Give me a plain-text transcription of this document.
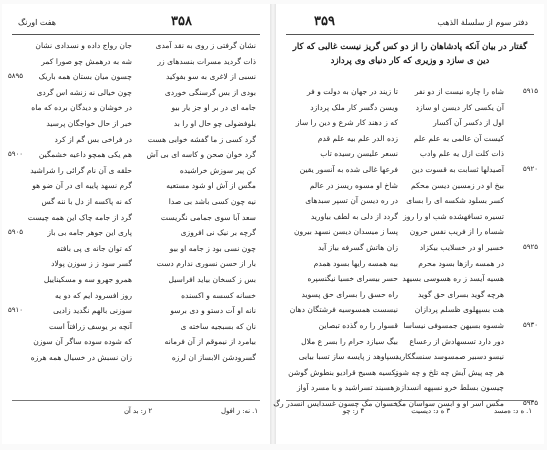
۳۵۸
هفت اورنگ
نشان گرفتی ز روی به نقد آمدی
جان رواج داده و نسدادی نشان
ذات گردید مسرات بنسدهای زر
شه به درهمش چو صورا کمر
نسبی از لاغری به سو بفوکید
چسون میان بستان همه باریک
۵۸۹۵
بودی از بس گرسنگی خوردی
چون خیالی نه زنشه اس گردی
جامه ای در بر او جز یار بیو
در خوشان و دیدگان برده که ماه
بلوفضولی چو حال او را بد
خبر از حال خواجگان پرسید
گرد کسی ز ما گفشه خوابی هست
در فراخی بس گم از کرد
گرد خوان صحن و کاسه ای بی آش
هم یکی همچو داعیه خشمگین
۵۹۰۰
کن پیر سوزش خراشیده
حلقه ی آن نام گرائی را شراشید
مگس از آش او شود مستعیه
گرم نسهد پاییه ای در آن ضو هو
نیه چون کسی باشد بی صدا
که نه پاکسه از دل با ننه گس
سعد آبا سوی جمامی نگریست
گرد از جامه چاک این همه چیست
گرچه بر نیک نی افروزی
پاری این جوهر جامه بی باز
۵۹۰۵
چون نسی بود ز جامه او بیو
که توان جانه ی پی بافته
بار از حسن نسوری ندارم دست
گسر سود ز ز سوزن پولاد
بس ز کسخان بیاید افراسیل
همرو جهرو سه و مسکیناییل
خسانه کسسه و اکسنده
روز افسرود ایم که دو یه
نانه او آت دستو و دی برسو
سوزنی بالهم نگدید زادیی
۵۹۱۰
نان که بسبجیه ساخته ی
آنچه بر یوسف زرافتاً است
بیامرد از نیموقم از آن فرمانه
که شوده سوده ساگر آن سوزن
گسرودشن الابساز ان لرزه
زان نسبش در خسیال همه هرزه
۱. نه: ز افول
۲ ز: بد آن
۳۵۹	دفتر سوم از سلسلة الذهب
گفتار در بیان آنکه پادشاهان را از دو کس گریز نیست غالبی که کار
دین ی سازد و وزیری که کار دنیای وی پردازد
شاه را چاره نیست از دو نفر
تا زیند در جهان به دولت و فر	۵۹۱۵
آن یکسی کار دیسن او سازد
ویسن دگسر کار ملک پردازد
اول از دکسر آن آکسار
که ز دهند کار شرع و دین را ساز
کیست آن عالمی به علم علم
زده الدر علم بیه علم قدم
ذات کلت ازل یه علم وادب
نسعر علیسن رسیده تاب
آصیدلها ثسابت به قسوت دین
فرعها غالی شده به آنسور یقین	۵۹۲۰
بیخ او در زمسین دیسن محکم
شاخ او مسوه ریسز در عالم
کسر بسلود شکسه ای را بسای
در ره دیسن آن تسپر سبدهای
تسیره تسافهشده شب او را روز
گردد از دلی به لطف بیاورید
شساه را از فریب نفس حرون
پسا ز میسدان دیسن نسهد بیرون
خسیر او در خسلایب بیکزاد
زان هاتش گسرفه بیاز آید	۵۹۲۵
در همسه رازها بسود محرم
بیه همسه رایها بسود همدم
هسیه آیسد ز ره هسوسی بسیهد
حسر بیسرای خسیا نیگنسپره
هرچه گوید بسرای حق گوید
راه حسق را بسرای حق پسوید
هت بسپهلوی ظسلم پردازان
نیسست همسوسیه فرشتگان دهان
شسوه بسیهن جمسوفی نیساسا
قسوار را ره گذده تبصاین	۵۹۳۰
دور دارد تسسهادش از رعساع
بیگ سیازد حرام را بسر ع ملال
نیسو دسبیر صمسوسد سنسگکارید
نسپاوهد ز پایسه ساز تسبا بیایی
هر چه پیش آیش چه تلخ و چه شور
تکسیه هسیج قرادیو بنطوش گوشن
چیسون بسلط خرو نسپهه انسدازه
زهسیند تسراشید و با مسرد آواز
مگس اسر او و ابسن سواسان مگ
خسوان مگ چسون غسدایس انسدر رگ	۵۹۳۵
۱. ه د: ه‌مسد
۳ ه د: دیسیت
۳ ز: چو
